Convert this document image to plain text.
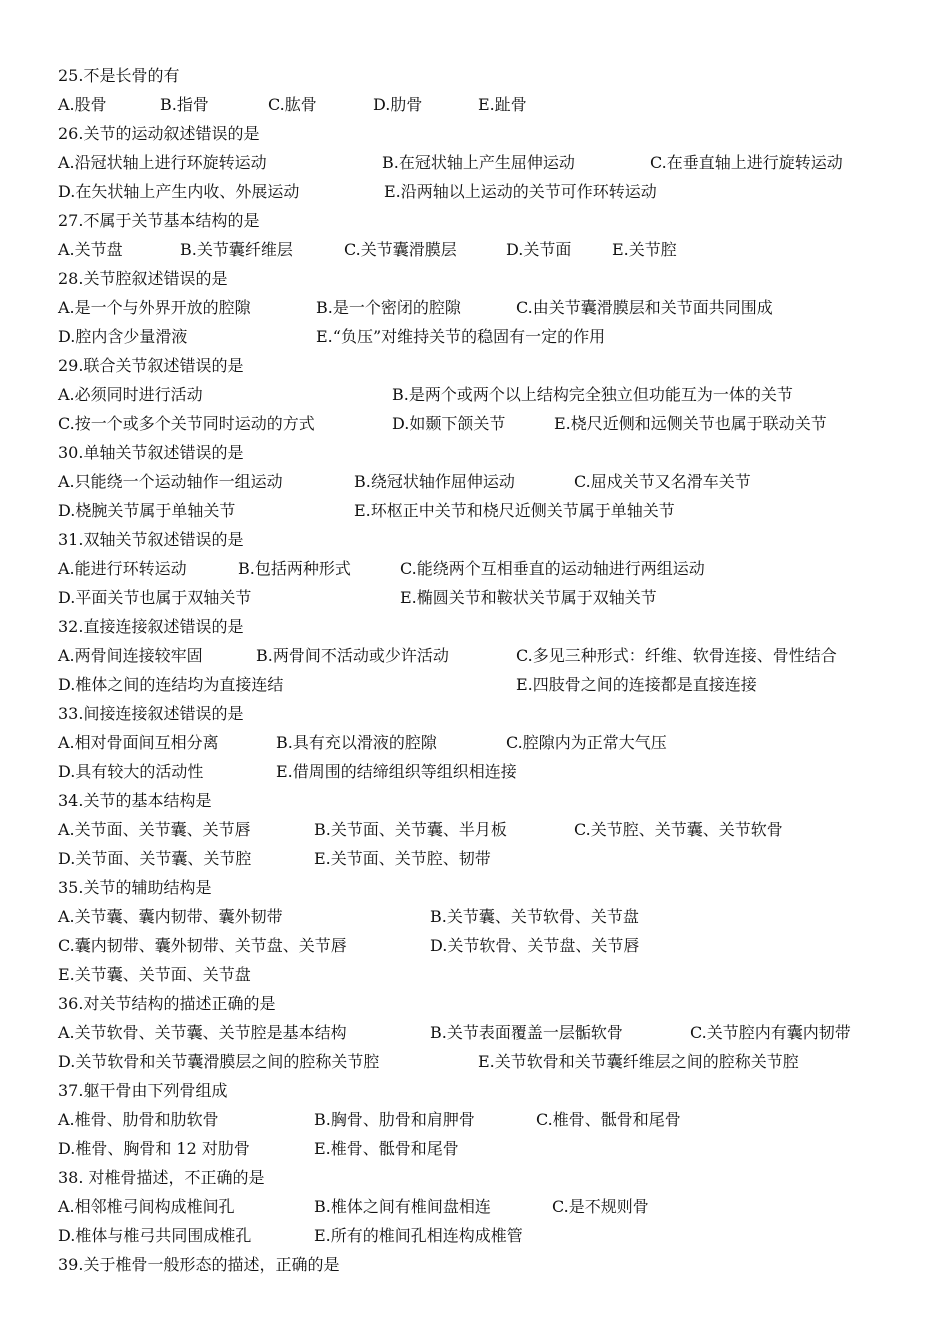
25.不是长骨的有
A.股骨	B.指骨	C.肱骨	D.肋骨	E.趾骨
26.关节的运动叙述错误的是
A.沿冠状轴上进行环旋转运动	B.在冠状轴上产生屈伸运动	C.在垂直轴上进行旋转运动
D.在矢状轴上产生内收、外展运动	E.沿两轴以上运动的关节可作环转运动
27.不属于关节基本结构的是
A.关节盘	B.关节囊纤维层	C.关节囊滑膜层	D.关节面	E.关节腔
28.关节腔叙述错误的是
A.是一个与外界开放的腔隙	B.是一个密闭的腔隙	C.由关节囊滑膜层和关节面共同围成
D.腔内含少量滑液	E.“负压”对维持关节的稳固有一定的作用
29.联合关节叙述错误的是
A.必须同时进行活动	B.是两个或两个以上结构完全独立但功能互为一体的关节
C.按一个或多个关节同时运动的方式	D.如颞下颌关节	E.桡尺近侧和远侧关节也属于联动关节
30.单轴关节叙述错误的是
A.只能绕一个运动轴作一组运动	B.绕冠状轴作屈伸运动	C.屈戍关节又名滑车关节
D.桡腕关节属于单轴关节	E.环枢正中关节和桡尺近侧关节属于单轴关节
31.双轴关节叙述错误的是
A.能进行环转运动	B.包括两种形式	C.能绕两个互相垂直的运动轴进行两组运动
D.平面关节也属于双轴关节	E.椭圆关节和鞍状关节属于双轴关节
32.直接连接叙述错误的是
A.两骨间连接较牢固	B.两骨间不活动或少许活动	C.多见三种形式：纤维、软骨连接、骨性结合
D.椎体之间的连结均为直接连结	E.四肢骨之间的连接都是直接连接
33.间接连接叙述错误的是
A.相对骨面间互相分离	B.具有充以滑液的腔隙	C.腔隙内为正常大气压
D.具有较大的活动性	E.借周围的结缔组织等组织相连接
34.关节的基本结构是
A.关节面、关节囊、关节唇	B.关节面、关节囊、半月板	C.关节腔、关节囊、关节软骨
D.关节面、关节囊、关节腔	E.关节面、关节腔、韧带
35.关节的辅助结构是
A.关节囊、囊内韧带、囊外韧带	B.关节囊、关节软骨、关节盘
C.囊内韧带、囊外韧带、关节盘、关节唇	D.关节软骨、关节盘、关节唇
E.关节囊、关节面、关节盘
36.对关节结构的描述正确的是
A.关节软骨、关节囊、关节腔是基本结构	B.关节表面覆盖一层骺软骨	C.关节腔内有囊内韧带
D.关节软骨和关节囊滑膜层之间的腔称关节腔	E.关节软骨和关节囊纤维层之间的腔称关节腔
37.躯干骨由下列骨组成
A.椎骨、肋骨和肋软骨	B.胸骨、肋骨和肩胛骨	C.椎骨、骶骨和尾骨
D.椎骨、胸骨和 12 对肋骨	E.椎骨、骶骨和尾骨
38. 对椎骨描述，不正确的是
A.相邻椎弓间构成椎间孔	B.椎体之间有椎间盘相连	C.是不规则骨
D.椎体与椎弓共同围成椎孔	E.所有的椎间孔相连构成椎管
39.关于椎骨一般形态的描述，正确的是
